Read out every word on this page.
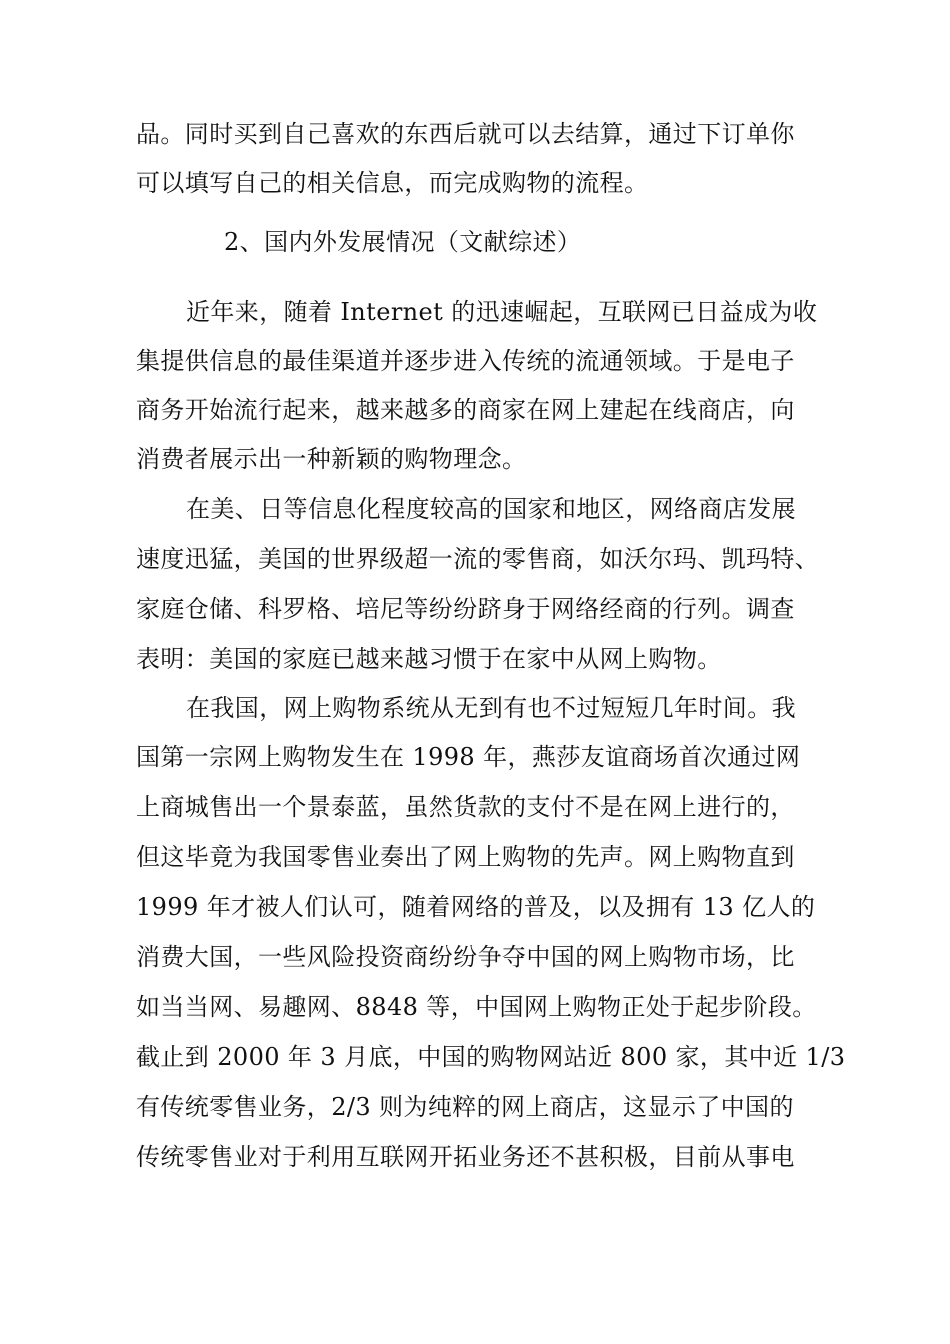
品。同时买到自己喜欢的东西后就可以去结算，通过下订单你
可以填写自己的相关信息，而完成购物的流程。
2、国内外发展情况（文献综述）
近年来，随着 Internet 的迅速崛起，互联网已日益成为收
集提供信息的最佳渠道并逐步进入传统的流通领域。于是电子
商务开始流行起来，越来越多的商家在网上建起在线商店，向
消费者展示出一种新颖的购物理念。
在美、日等信息化程度较高的国家和地区，网络商店发展
速度迅猛，美国的世界级超一流的零售商，如沃尔玛、凯玛特、
家庭仓储、科罗格、培尼等纷纷跻身于网络经商的行列。调查
表明：美国的家庭已越来越习惯于在家中从网上购物。
在我国，网上购物系统从无到有也不过短短几年时间。我
国第一宗网上购物发生在 1998 年，燕莎友谊商场首次通过网
上商城售出一个景泰蓝，虽然货款的支付不是在网上进行的，
但这毕竟为我国零售业奏出了网上购物的先声。网上购物直到
1999 年才被人们认可，随着网络的普及，以及拥有 13 亿人的
消费大国，一些风险投资商纷纷争夺中国的网上购物市场，比
如当当网、易趣网、8848 等，中国网上购物正处于起步阶段。
截止到 2000 年 3 月底，中国的购物网站近 800 家，其中近 1/3
有传统零售业务，2/3 则为纯粹的网上商店，这显示了中国的
传统零售业对于利用互联网开拓业务还不甚积极，目前从事电
